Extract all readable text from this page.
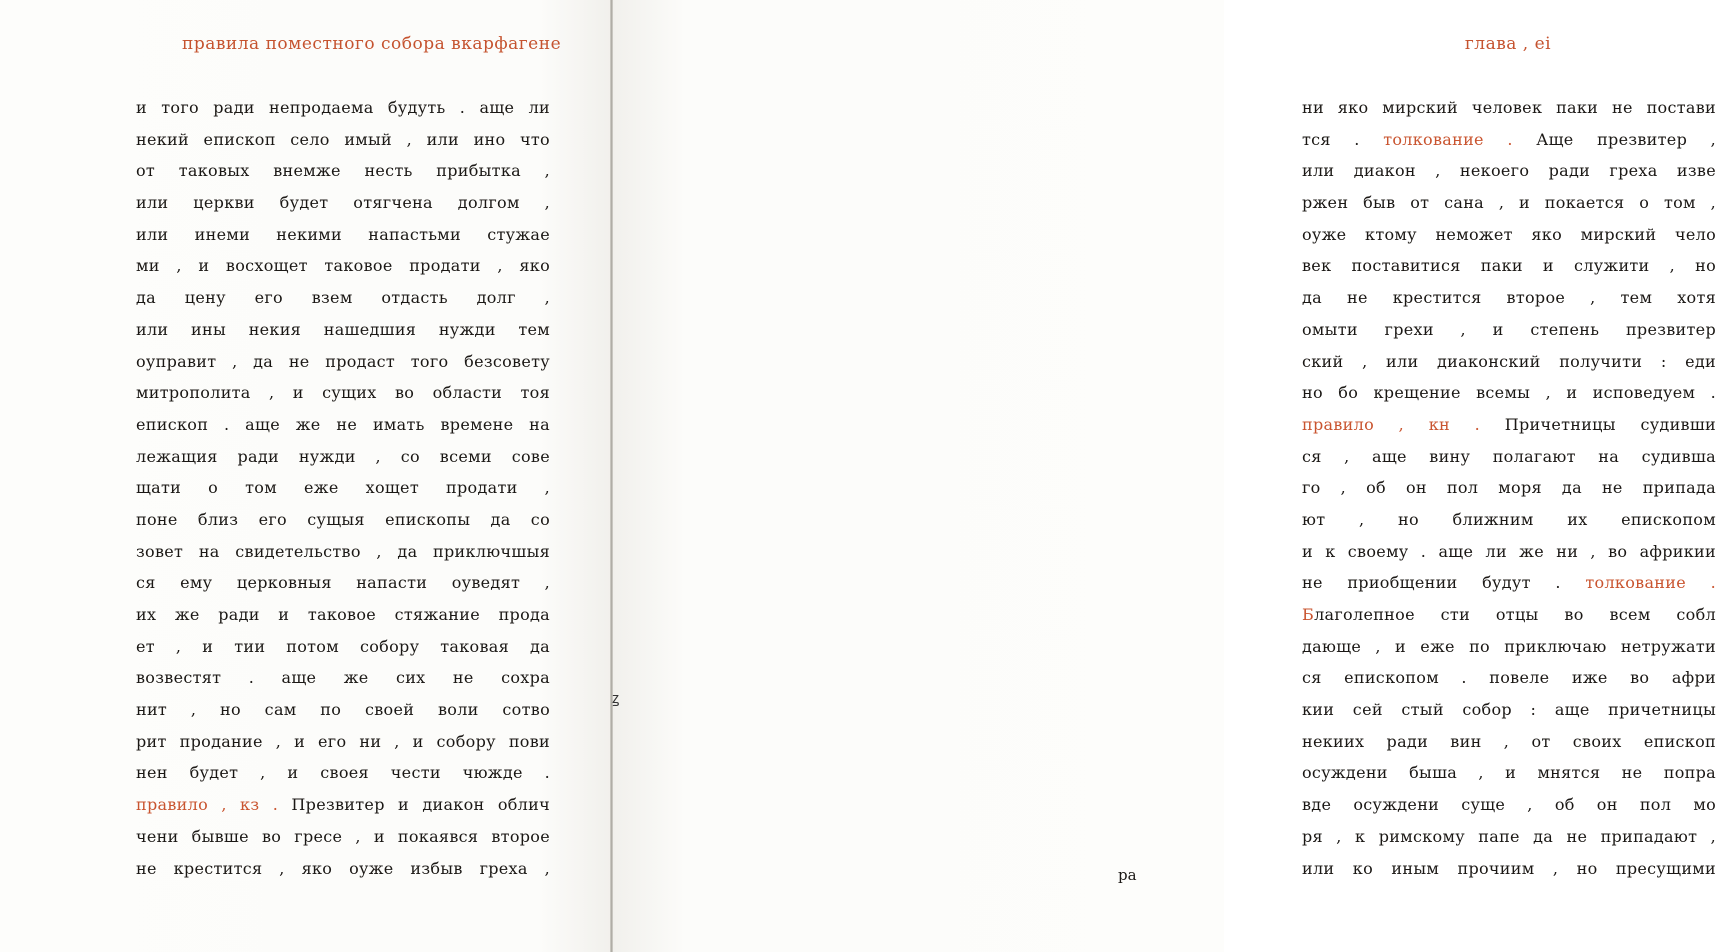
правила поместного собора вкарфагене
и того ради непродаема будуть . аще ли
некий епископ село имый , или ино что
от таковых внемже несть прибытка ,
или церкви будет отягчена долгом ,
или инеми некими напастьми стужае
ми , и восхощет таковое продати , яко
да цену его взем отдасть долг ,
или ины некия нашедшия нужди тем
оуправит , да не продаст того безсовету
митрополита , и сущих во области тоя
епископ . аще же не имать времене на
лежащия ради нужди , со всеми сове
щати о том еже хощет продати ,
поне близ его сущыя епископы да со
зовет на свидетельство , да приключшыя
ся ему церковныя напасти оуведят ,
их же ради и таковое стяжание прода
ет , и тии потом собору таковая да
возвестят . аще же сих не сохра
нит , но сам по своей воли сотво
рит продание , и его ни , и собору пови
нен будет , и своея чести чюжде .
правило , кз . Презвитер и диакон облич
чени бывше во гресе , и покаявся второе
не крестится , яко оуже избыв греха ,
глава , еі
ни яко мирский человек паки не постави
тся . толкование . Аще презвитер ,
или диакон , некоего ради греха изве
ржен быв от сана , и покается о том ,
оуже ктому неможет яко мирский чело
век поставитися паки и служити , но
да не крестится второе , тем хотя
омыти грехи , и степень презвитер
ский , или диаконский получити : еди
но бо крещение всемы , и исповедуем .
правило , кн . Причетницы судивши
ся , аще вину полагают на судивша
го , об он пол моря да не припада
ют , но ближним их епископом
и к своему . аще ли же ни , во африкии
не приобщении будут . толкование .
Благолепное сти отцы во всем собл
дающе , и еже по приключаю нетружати
ся епископом . повеле иже во афри
кии сей стый собор : аще причетницы
некиих ради вин , от своих епископ
осуждени быша , и мнятся не попра
вде осуждени суще , об он пол мо
ря , к римскому папе да не припадают ,
или ко иным прочиим , но пресущими
ꙁ
ра
